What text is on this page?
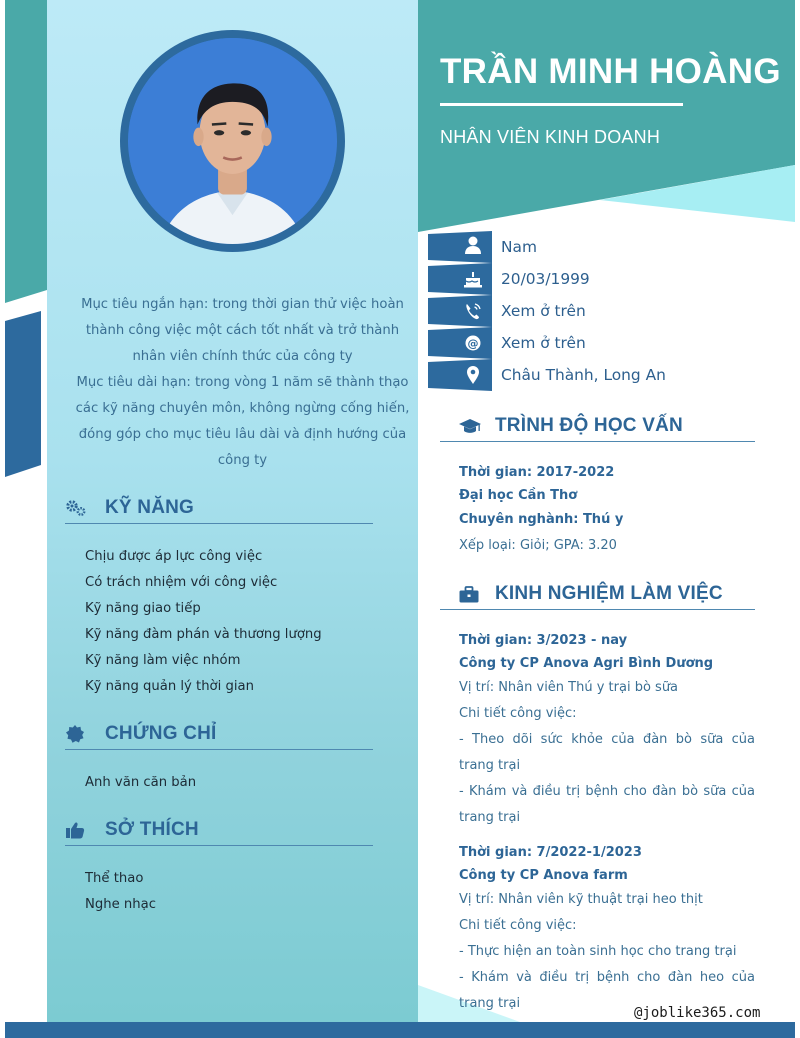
Mục tiêu ngắn hạn: trong thời gian thử việc hoàn thành công việc một cách tốt nhất và trở thành nhân viên chính thức của công ty
Mục tiêu dài hạn: trong vòng 1 năm sẽ thành thạo các kỹ năng chuyên môn, không ngừng cống hiến, đóng góp cho mục tiêu lâu dài và định hướng của công ty
KỸ NĂNG
Chịu được áp lực công việc
Có trách nhiệm với công việc
Kỹ năng giao tiếp
Kỹ năng đàm phán và thương lượng
Kỹ năng làm việc nhóm
Kỹ năng quản lý thời gian
CHỨNG CHỈ
Anh văn căn bản
SỞ THÍCH
Thể thao
Nghe nhạc
TRẦN MINH HOÀNG
NHÂN VIÊN KINH DOANH
Nam
20/03/1999
Xem ở trên
@ Xem ở trên
Châu Thành, Long An
TRÌNH ĐỘ HỌC VẤN
Thời gian: 2017-2022
Đại học Cần Thơ
Chuyên nghành: Thú y
Xếp loại: Giỏi; GPA: 3.20
KINH NGHIỆM LÀM VIỆC
Thời gian: 3/2023 - nay
Công ty CP Anova Agri Bình Dương
Vị trí: Nhân viên Thú y trại bò sữa
Chi tiết công việc:
- Theo dõi sức khỏe của đàn bò sữa của trang trại
- Khám và điều trị bệnh cho đàn bò sữa của trang trại
Thời gian: 7/2022-1/2023
Công ty CP Anova farm
Vị trí: Nhân viên kỹ thuật trại heo thịt
Chi tiết công việc:
- Thực hiện an toàn sinh học cho trang trại
- Khám và điều trị bệnh cho đàn heo của trang trại
@joblike365.com
